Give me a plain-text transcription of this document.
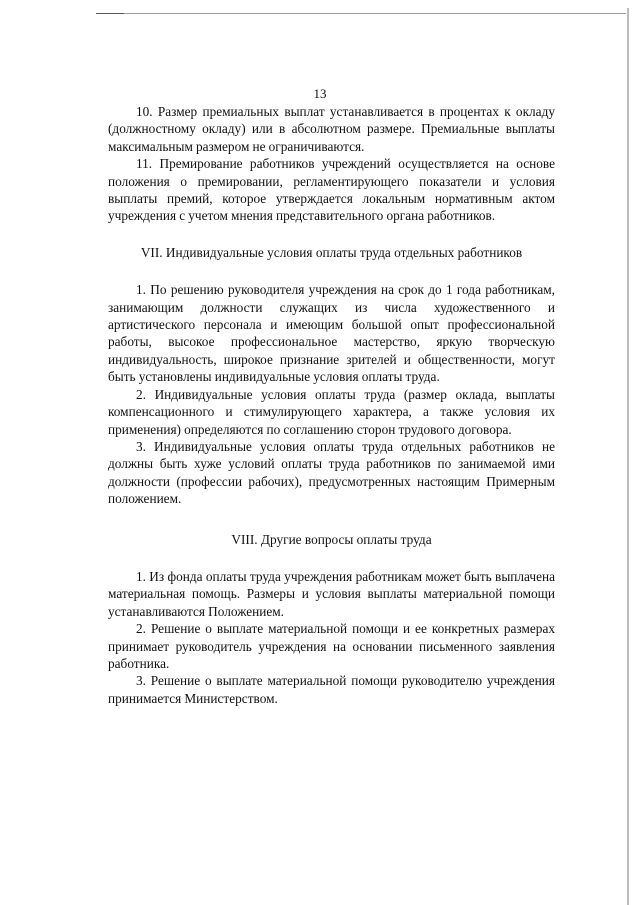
13

10. Размер премиальных выплат устанавливается в процентах к окладу (должностному окладу) или в абсолютном размере. Премиальные выплаты максимальным размером не ограничиваются.

11. Премирование работников учреждений осуществляется на основе положения о премировании, регламентирующего показатели и условия выплаты премий, которое утверждается локальным нормативным актом учреждения с учетом мнения представительного органа работников.

VII. Индивидуальные условия оплаты труда отдельных работников

1. По решению руководителя учреждения на срок до 1 года работникам, занимающим должности служащих из числа художественного и артистического персонала и имеющим большой опыт профессиональной работы, высокое профессиональное мастерство, яркую творческую индивидуальность, широкое признание зрителей и общественности, могут быть установлены индивидуальные условия оплаты труда.

2. Индивидуальные условия оплаты труда (размер оклада, выплаты компенсационного и стимулирующего характера, а также условия их применения) определяются по соглашению сторон трудового договора.

3. Индивидуальные условия оплаты труда отдельных работников не должны быть хуже условий оплаты труда работников по занимаемой ими должности (профессии рабочих), предусмотренных настоящим Примерным положением.

VIII. Другие вопросы оплаты труда

1. Из фонда оплаты труда учреждения работникам может быть выплачена материальная помощь. Размеры и условия выплаты материальной помощи устанавливаются Положением.

2. Решение о выплате материальной помощи и ее конкретных размерах принимает руководитель учреждения на основании письменного заявления работника.

3. Решение о выплате материальной помощи руководителю учреждения принимается Министерством.
